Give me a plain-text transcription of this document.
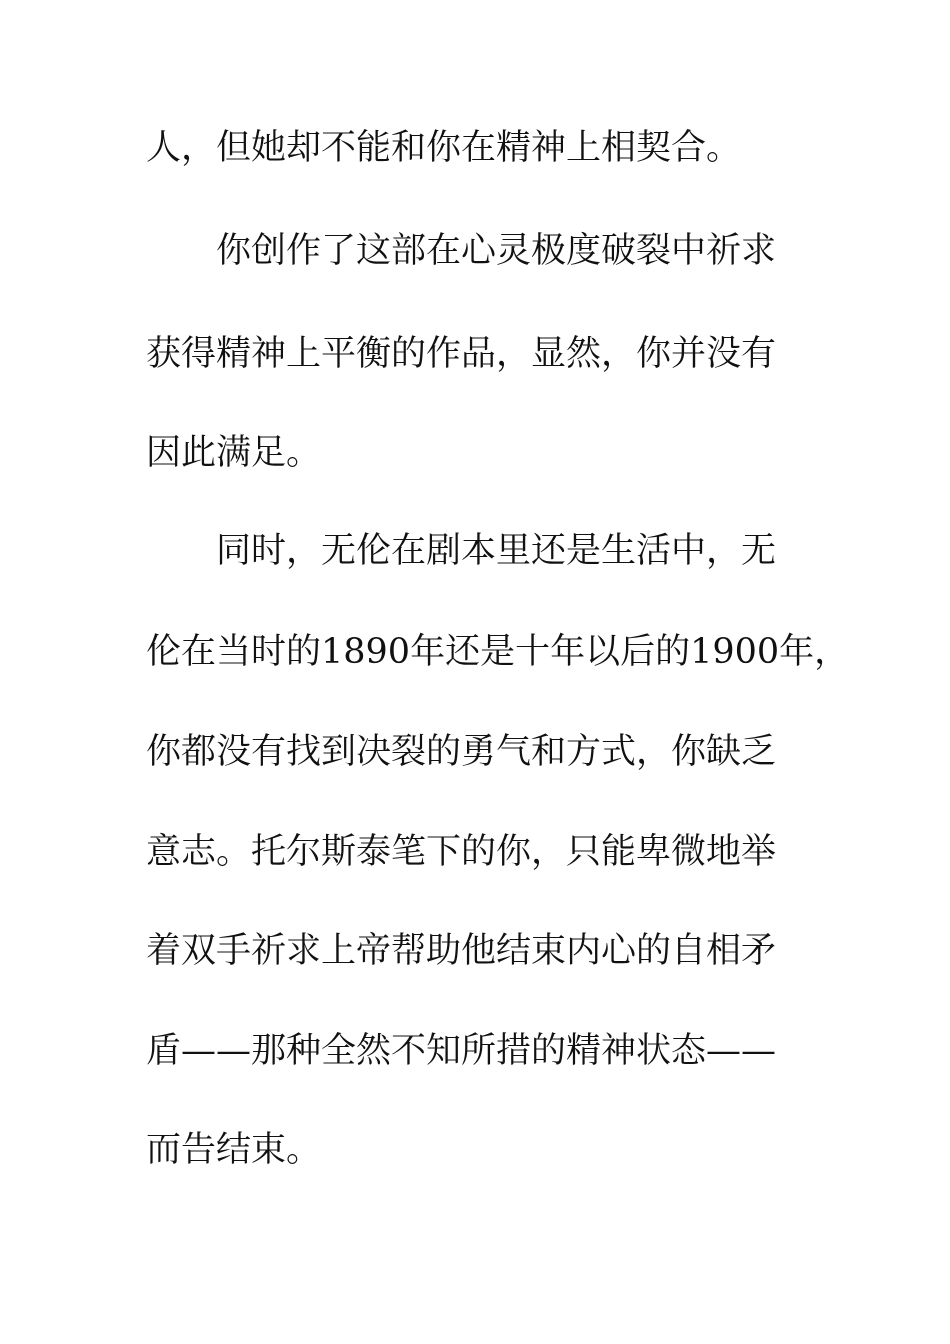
人，但她却不能和你在精神上相契合。

你创作了这部在心灵极度破裂中祈求

获得精神上平衡的作品，显然，你并没有

因此满足。

同时，无伦在剧本里还是生活中，无

伦在当时的1890年还是十年以后的1900年，

你都没有找到决裂的勇气和方式，你缺乏

意志。托尔斯泰笔下的你，只能卑微地举

着双手祈求上帝帮助他结束内心的自相矛

盾——那种全然不知所措的精神状态——

而告结束。
